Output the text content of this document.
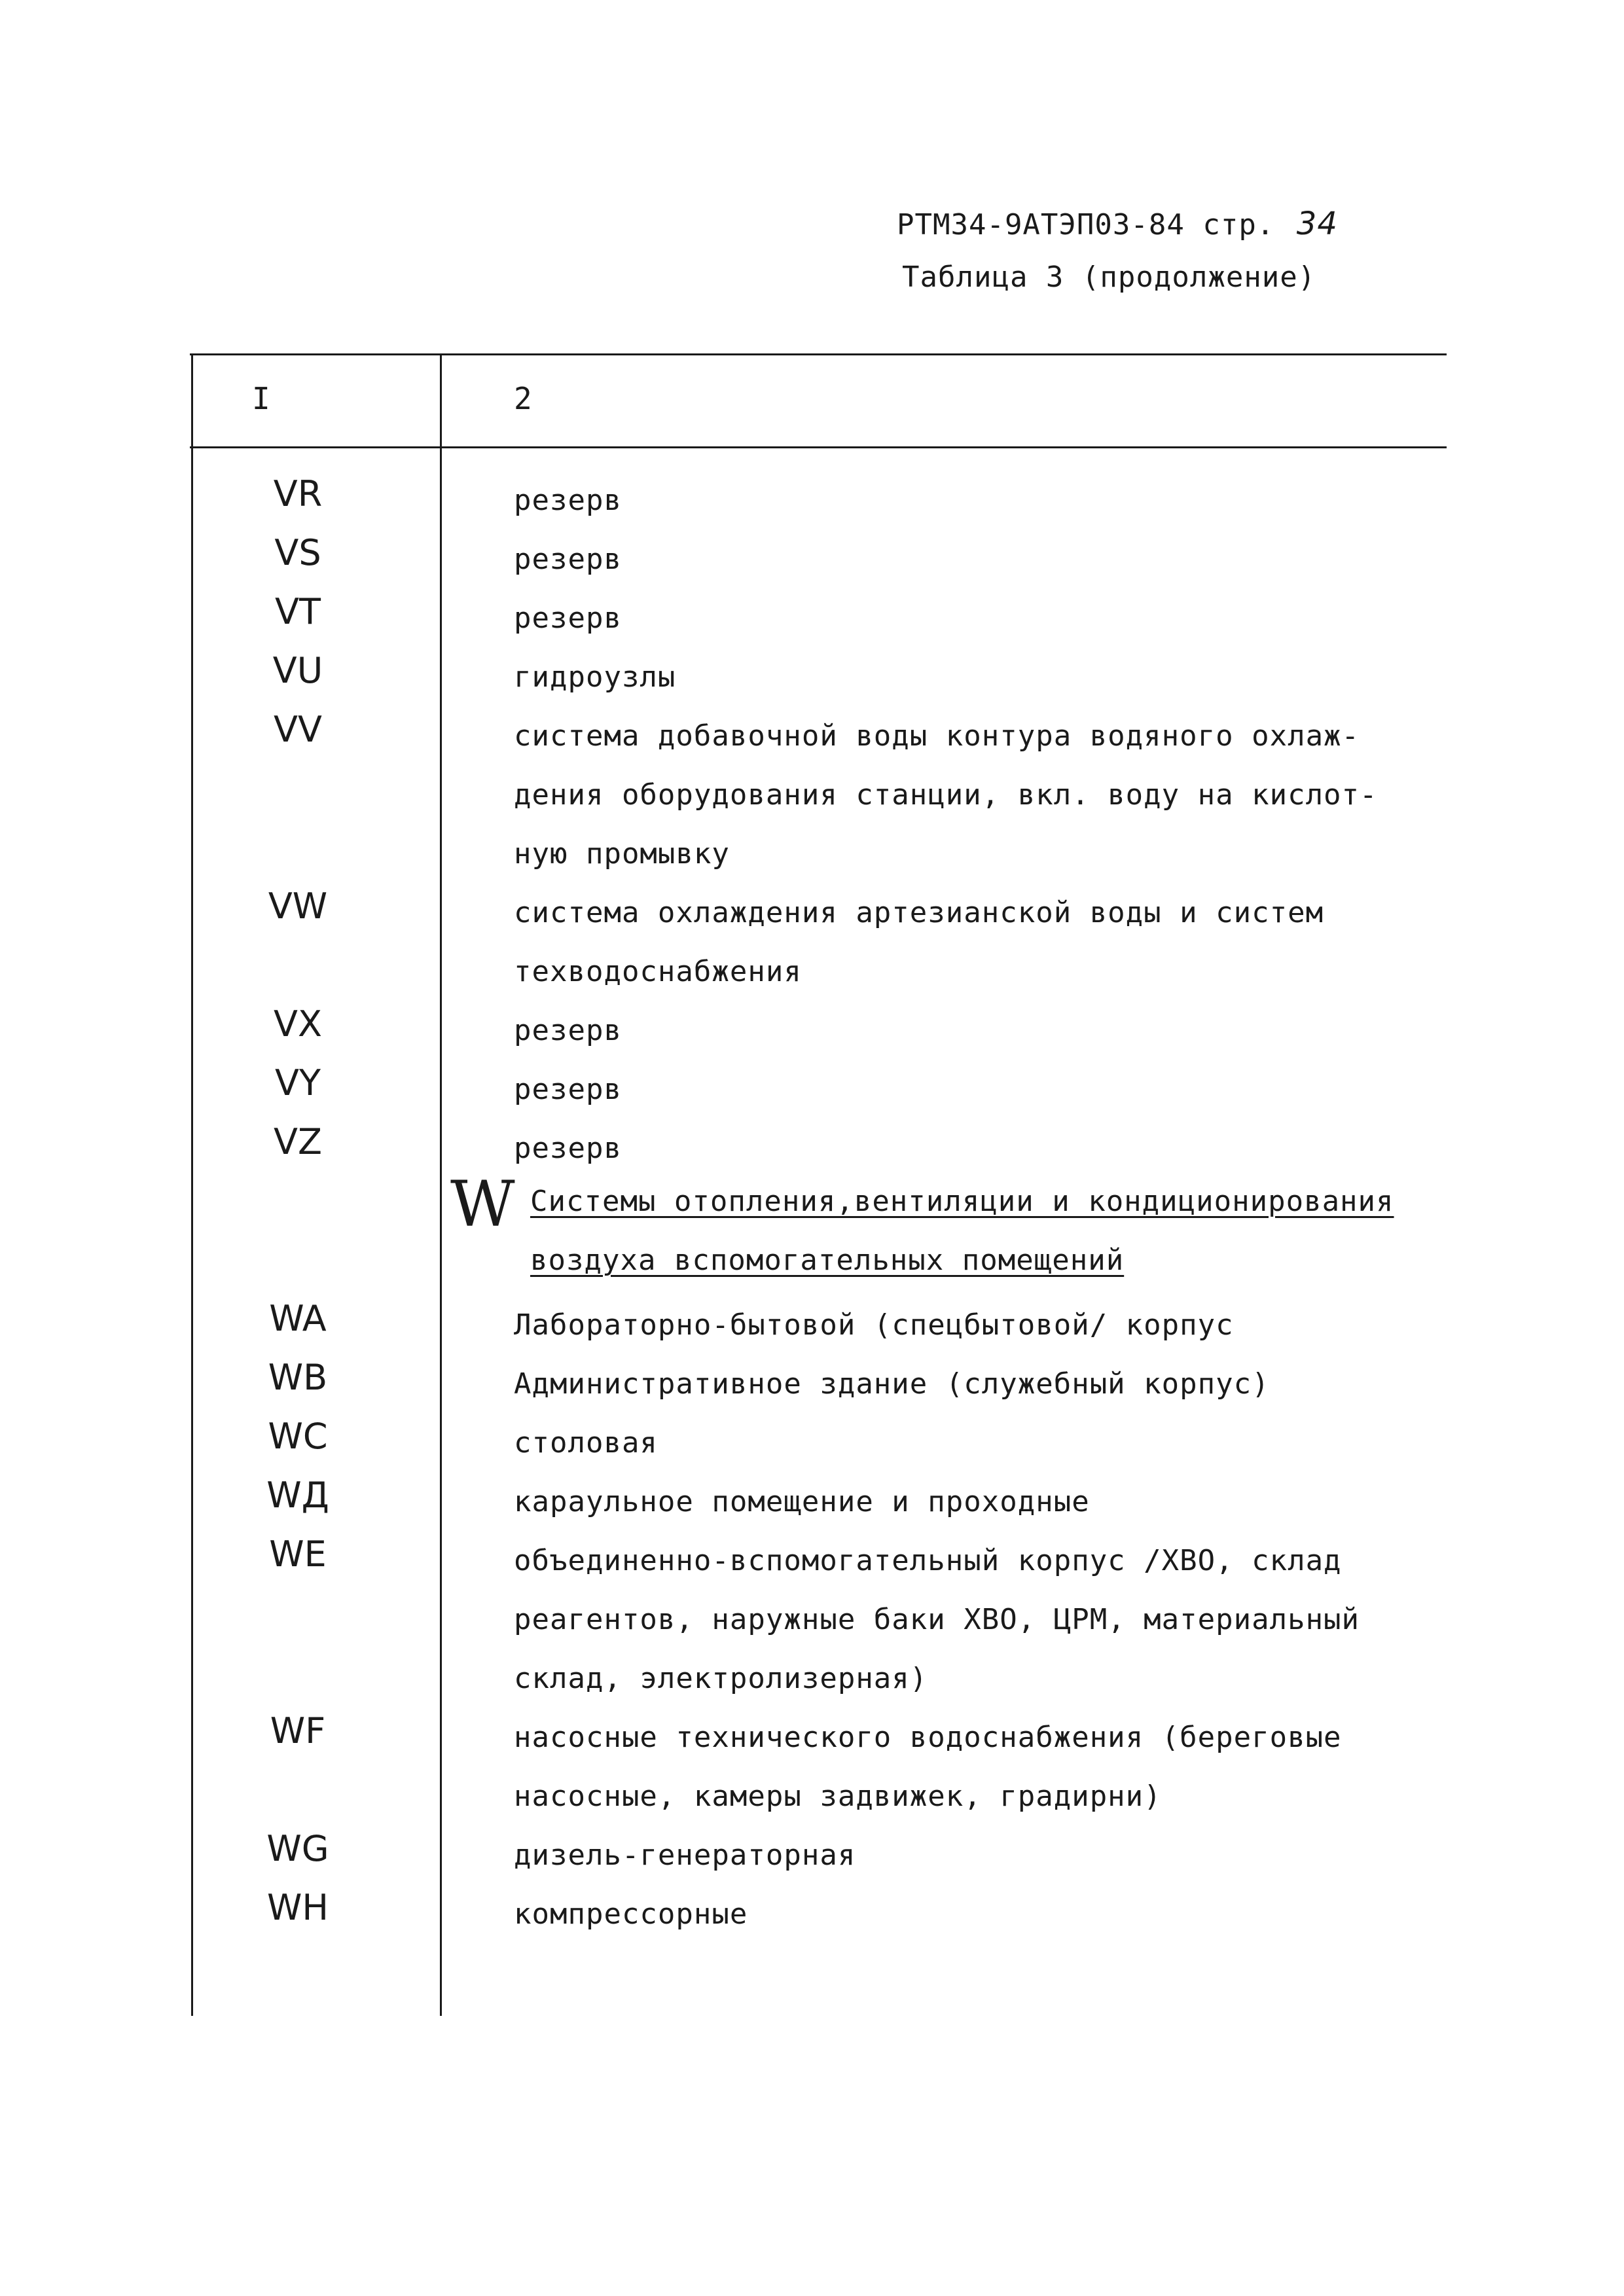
РТМ34-9АТЭП03-84 стр. 34
Таблица 3 (продолжение)
I	2
VR	резерв
VS	резерв
VT	резерв
VU	гидроузлы
VV	система добавочной воды контура водяного охлаж-
дения оборудования станции, вкл. воду на кислот-
ную промывку
VW	система охлаждения артезианской воды и систем
техводоснабжения
VX	резерв
VY	резерв
VZ	резерв
W Системы отопления,вентиляции и кондиционирования
воздуха вспомогательных помещений
WA	Лабораторно-бытовой (спецбытовой/ корпус
WB	Административное здание (служебный корпус)
WC	столовая
WД	караульное помещение и проходные
WE	объединенно-вспомогательный корпус /ХВО, склад
реагентов, наружные баки ХВО, ЦРМ, материальный
склад, электролизерная)
WF	насосные технического водоснабжения (береговые
насосные, камеры задвижек, градирни)
WG	дизель-генераторная
WH	компрессорные
